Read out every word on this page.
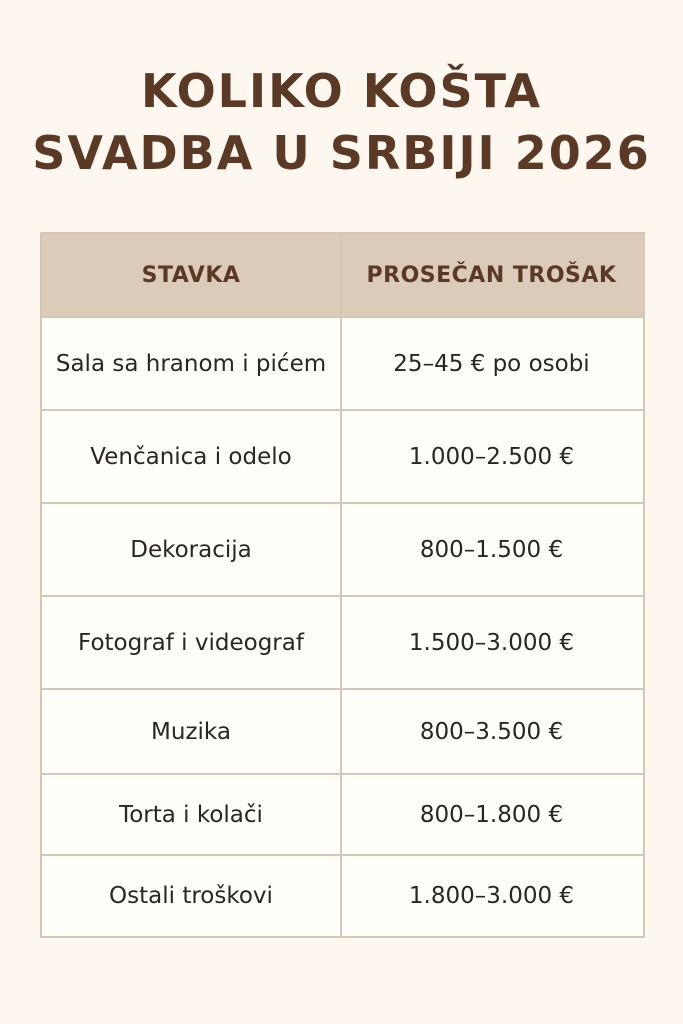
KOLIKO KOŠTA
SVADBA U SRBIJI 2026
STAVKA	PROSEČAN TROŠAK
Sala sa hranom i pićem	25–45 € po osobi
Venčanica i odelo	1.000–2.500 €
Dekoracija	800–1.500 €
Fotograf i videograf	1.500–3.000 €
Muzika	800–3.500 €
Torta i kolači	800–1.800 €
Ostali troškovi	1.800–3.000 €
